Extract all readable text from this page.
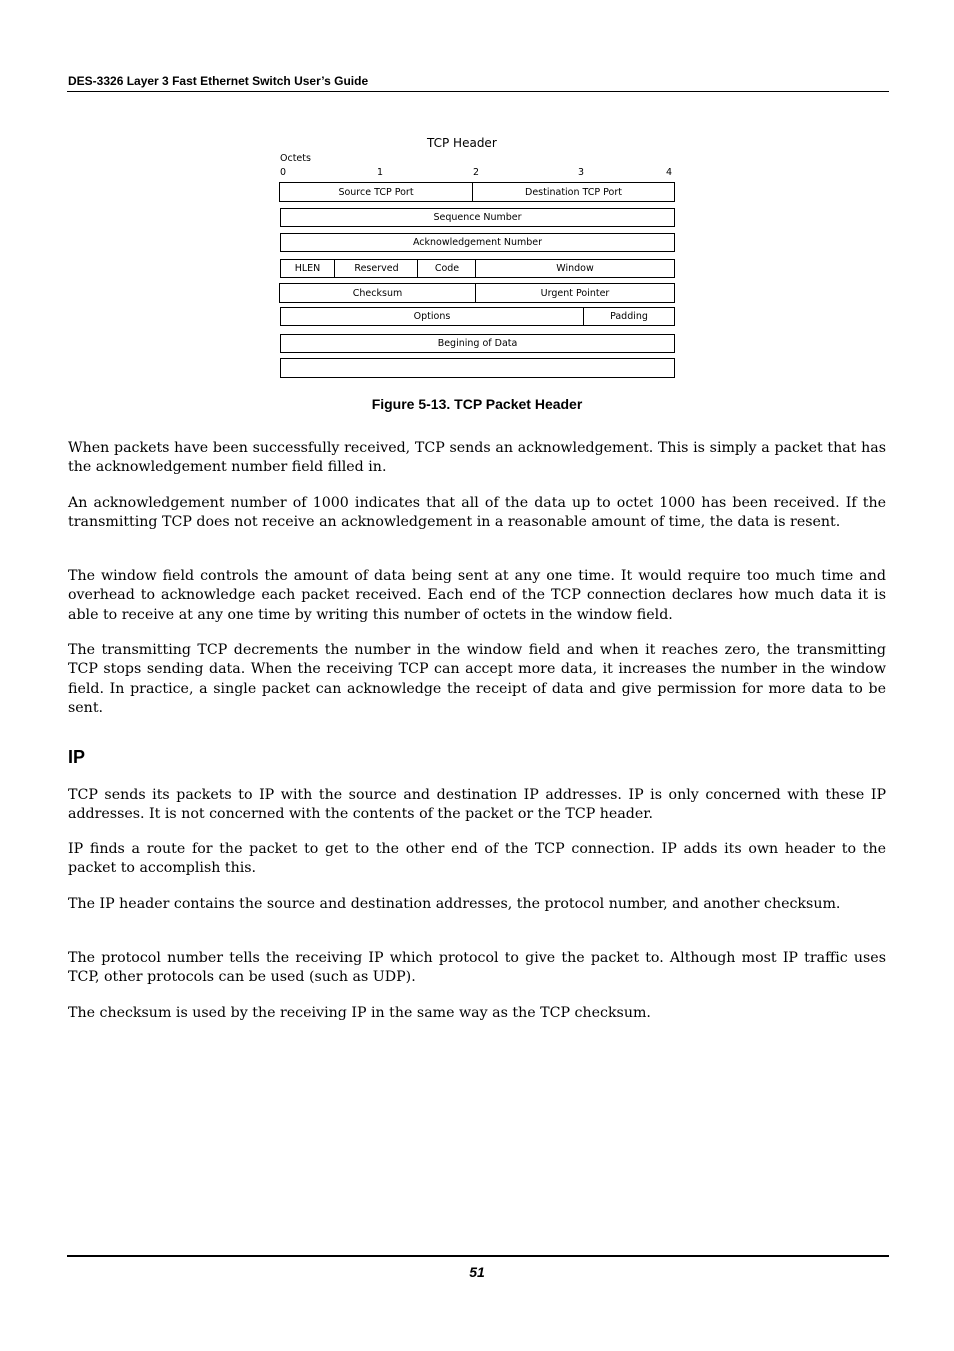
DES-3326 Layer 3 Fast Ethernet Switch User’s Guide
TCP Header
Octets
0	1	2	3	4
Source TCP Port	Destination TCP Port
Sequence Number
Acknowledgement Number
HLEN	Reserved	Code	Window
Checksum	Urgent Pointer
Options	Padding
Begining of Data
Figure 5-13. TCP Packet Header

When packets have been successfully received, TCP sends an acknowledgement. This is simply a packet that has the acknowledgement number field filled in.

An acknowledgement number of 1000 indicates that all of the data up to octet 1000 has been received. If the transmitting TCP does not receive an acknowledgement in a reasonable amount of time, the data is resent.

The window field controls the amount of data being sent at any one time. It would require too much time and overhead to acknowledge each packet received. Each end of the TCP connection declares how much data it is able to receive at any one time by writing this number of octets in the window field.

The transmitting TCP decrements the number in the window field and when it reaches zero, the transmitting TCP stops sending data. When the receiving TCP can accept more data, it increases the number in the window field. In practice, a single packet can acknowledge the receipt of data and give permission for more data to be sent.

IP

TCP sends its packets to IP with the source and destination IP addresses. IP is only concerned with these IP addresses. It is not concerned with the contents of the packet or the TCP header.

IP finds a route for the packet to get to the other end of the TCP connection. IP adds its own header to the packet to accomplish this.

The IP header contains the source and destination addresses, the protocol number, and another checksum.

The protocol number tells the receiving IP which protocol to give the packet to. Although most IP traffic uses TCP, other protocols can be used (such as UDP).

The checksum is used by the receiving IP in the same way as the TCP checksum.

51
